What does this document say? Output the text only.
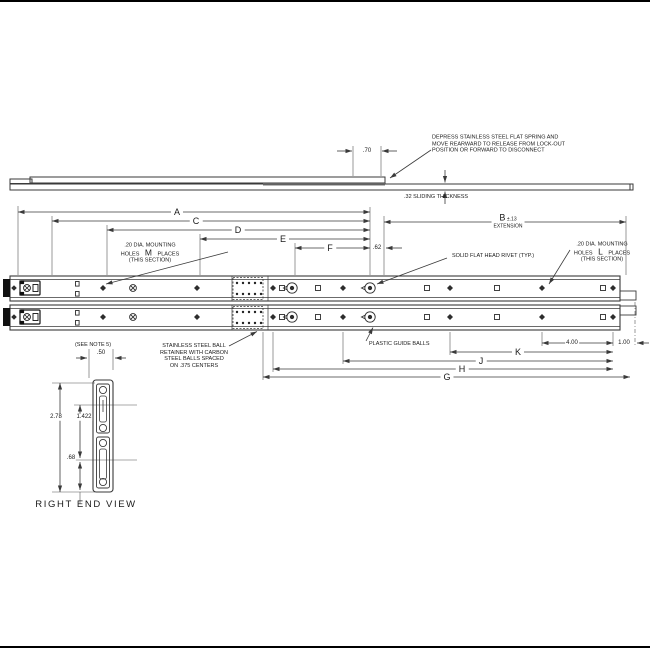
DEPRESS STAINLESS STEEL FLAT SPRING AND
MOVE REARWARD TO RELEASE FROM LOCK-OUT
POSITION OR FORWARD TO DISCONNECT
.70
.32 SLIDING THICKNESS
A
C
D
E
F	.62
B ±.13
EXTENSION
.20 DIA. MOUNTING
HOLES M PLACES
(THIS SECTION)
.20 DIA. MOUNTING
HOLES L PLACES
(THIS SECTION)
SOLID FLAT HEAD RIVET (TYP.)
STAINLESS STEEL BALL
RETAINER WITH CARBON
STEEL BALLS SPACED
ON .375 CENTERS
PLASTIC GUIDE BALLS	4.00	1.00
K
J
H
G
(SEE NOTE 5)
.50
2.78 1.422
.68
RIGHT END VIEW
